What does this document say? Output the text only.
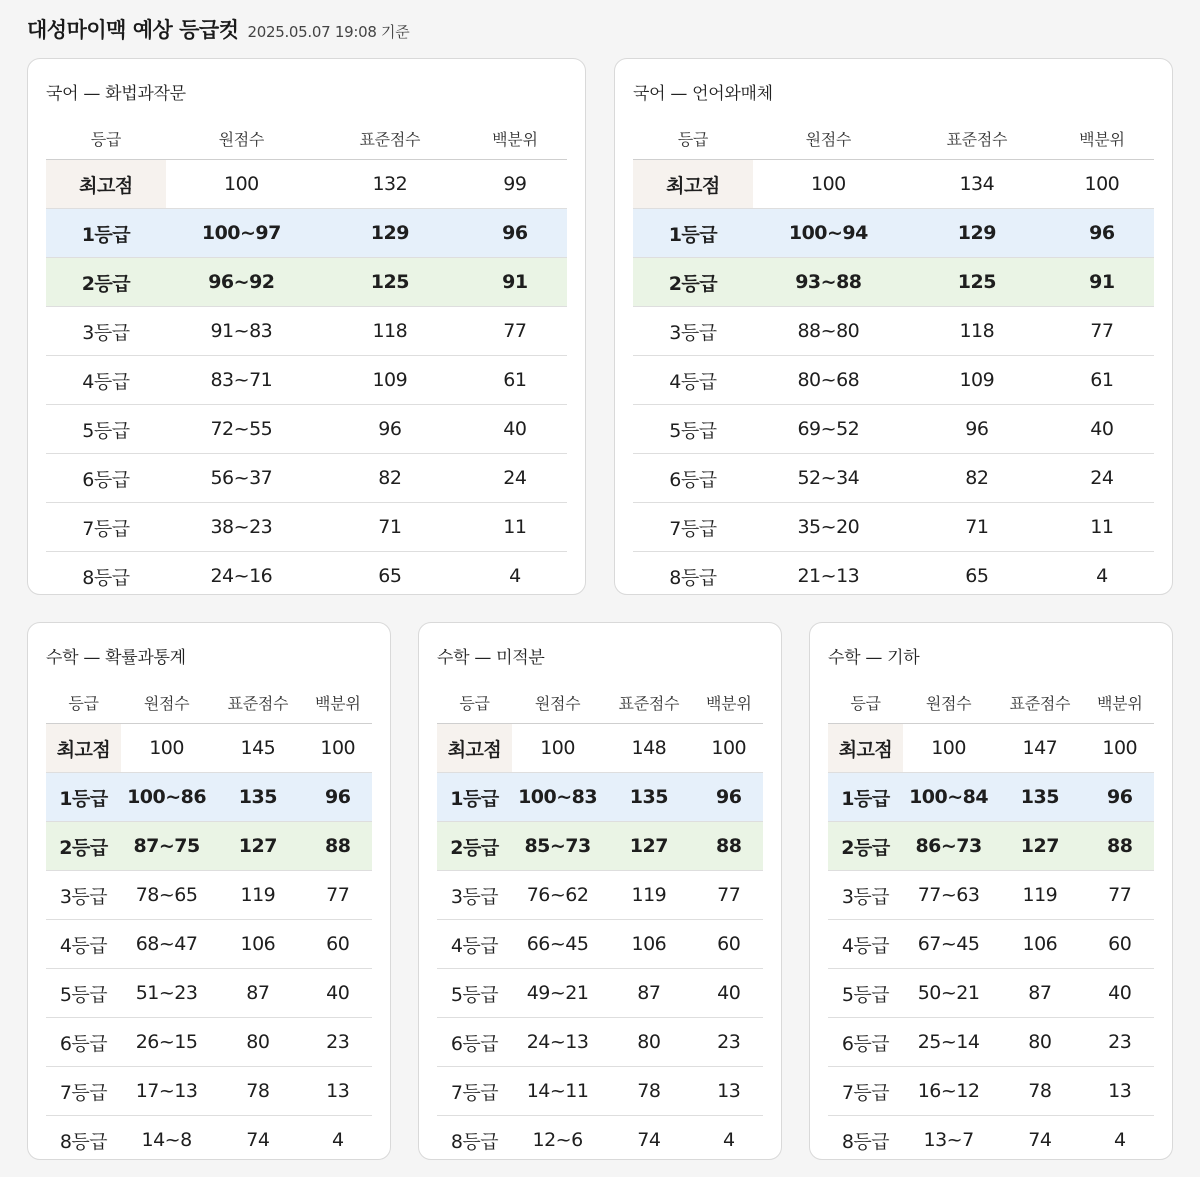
대성마이맥 예상 등급컷 2025.05.07 19:08 기준
국어 — 화법과작문
등급	원점수	표준점수	백분위
최고점	100	132	99
1등급	100~97	129	96
2등급	96~92	125	91
3등급	91~83	118	77
4등급	83~71	109	61
5등급	72~55	96	40
6등급	56~37	82	24
7등급	38~23	71	11
8등급	24~16	65	4
국어 — 언어와매체
등급	원점수	표준점수	백분위
최고점	100	134	100
1등급	100~94	129	96
2등급	93~88	125	91
3등급	88~80	118	77
4등급	80~68	109	61
5등급	69~52	96	40
6등급	52~34	82	24
7등급	35~20	71	11
8등급	21~13	65	4
수학 — 확률과통계
등급	원점수	표준점수	백분위
최고점	100	145	100
1등급	100~86	135	96
2등급	87~75	127	88
3등급	78~65	119	77
4등급	68~47	106	60
5등급	51~23	87	40
6등급	26~15	80	23
7등급	17~13	78	13
8등급	14~8	74	4
수학 — 미적분
등급	원점수	표준점수	백분위
최고점	100	148	100
1등급	100~83	135	96
2등급	85~73	127	88
3등급	76~62	119	77
4등급	66~45	106	60
5등급	49~21	87	40
6등급	24~13	80	23
7등급	14~11	78	13
8등급	12~6	74	4
수학 — 기하
등급	원점수	표준점수	백분위
최고점	100	147	100
1등급	100~84	135	96
2등급	86~73	127	88
3등급	77~63	119	77
4등급	67~45	106	60
5등급	50~21	87	40
6등급	25~14	80	23
7등급	16~12	78	13
8등급	13~7	74	4
